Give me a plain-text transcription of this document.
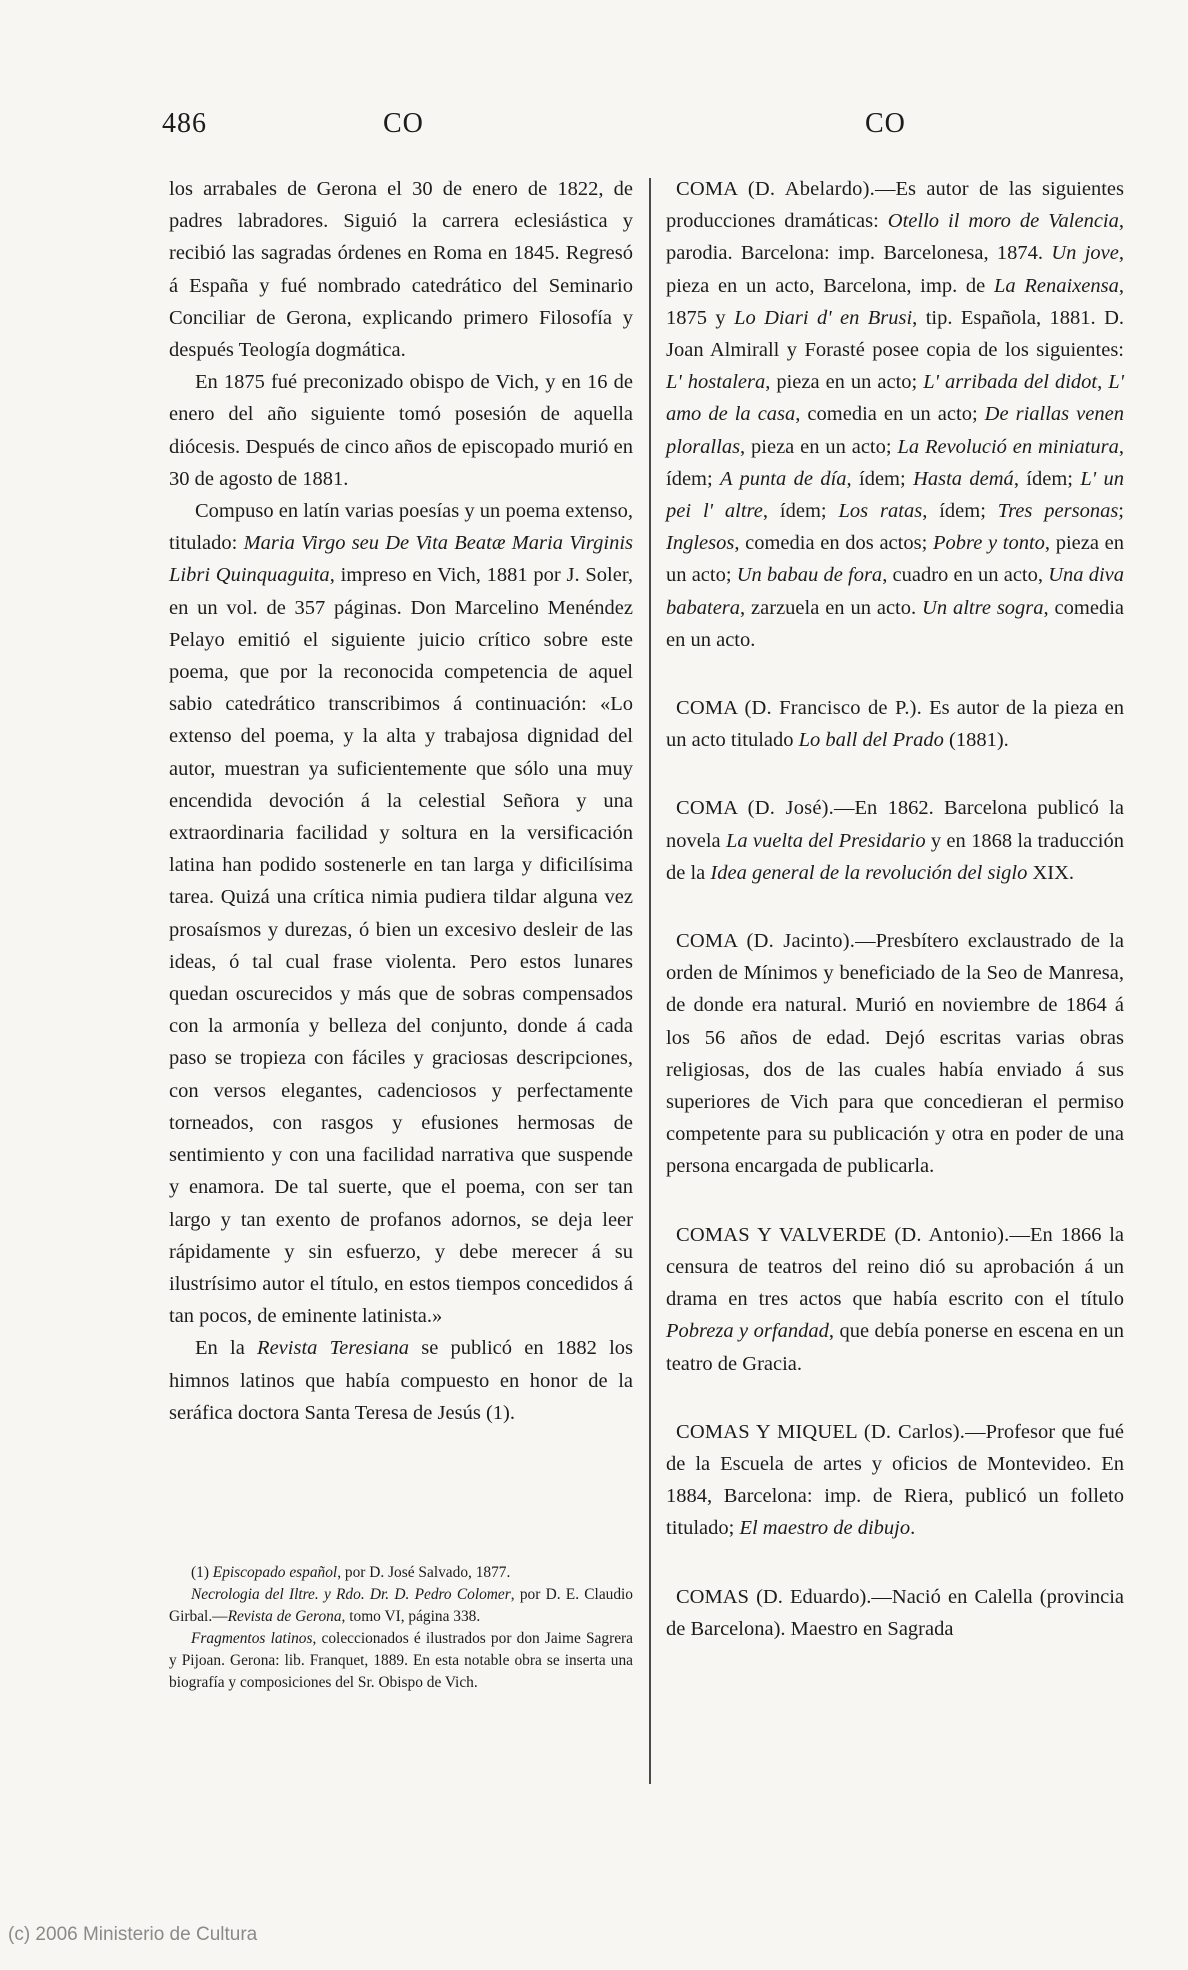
486	CO	CO

los arrabales de Gerona el 30 de enero de 1822, de padres labradores. Siguió la carrera eclesiástica y recibió las sagradas órdenes en Roma en 1845. Regresó á España y fué nombrado catedrático del Seminario Conciliar de Gerona, explicando primero Filosofía y después Teología dogmática.

En 1875 fué preconizado obispo de Vich, y en 16 de enero del año siguiente tomó posesión de aquella diócesis. Después de cinco años de episcopado murió en 30 de agosto de 1881.

Compuso en latín varias poesías y un poema extenso, titulado: Maria Virgo seu De Vita Beatæ Maria Virginis Libri Quinquaguita, impreso en Vich, 1881 por J. Soler, en un vol. de 357 páginas. Don Marcelino Menéndez Pelayo emitió el siguiente juicio crítico sobre este poema, que por la reconocida competencia de aquel sabio catedrático transcribimos á continuación: «Lo extenso del poema, y la alta y trabajosa dignidad del autor, muestran ya suficientemente que sólo una muy encendida devoción á la celestial Señora y una extraordinaria facilidad y soltura en la versificación latina han podido sostenerle en tan larga y dificilísima tarea. Quizá una crítica nimia pudiera tildar alguna vez prosaísmos y durezas, ó bien un excesivo desleir de las ideas, ó tal cual frase violenta. Pero estos lunares quedan oscurecidos y más que de sobras compensados con la armonía y belleza del conjunto, donde á cada paso se tropieza con fáciles y graciosas descripciones, con versos elegantes, cadenciosos y perfectamente torneados, con rasgos y efusiones hermosas de sentimiento y con una facilidad narrativa que suspende y enamora. De tal suerte, que el poema, con ser tan largo y tan exento de profanos adornos, se deja leer rápidamente y sin esfuerzo, y debe merecer á su ilustrísimo autor el título, en estos tiempos concedidos á tan pocos, de eminente latinista.»

En la Revista Teresiana se publicó en 1882 los himnos latinos que había compuesto en honor de la seráfica doctora Santa Teresa de Jesús (1).

(1) Episcopado español, por D. José Salvado, 1877.

Necrologia del Iltre. y Rdo. Dr. D. Pedro Colomer, por D. E. Claudio Girbal.—Revista de Gerona, tomo VI, página 338.

Fragmentos latinos, coleccionados é ilustrados por don Jaime Sagrera y Pijoan. Gerona: lib. Franquet, 1889. En esta notable obra se inserta una biografía y composiciones del Sr. Obispo de Vich.

COMA (D. Abelardo).—Es autor de las siguientes producciones dramáticas: Otello il moro de Valencia, parodia. Barcelona: imp. Barcelonesa, 1874. Un jove, pieza en un acto, Barcelona, imp. de La Renaixensa, 1875 y Lo Diari d' en Brusi, tip. Española, 1881. D. Joan Almirall y Forasté posee copia de los siguientes: L' hostalera, pieza en un acto; L' arribada del didot, L' amo de la casa, comedia en un acto; De riallas venen plorallas, pieza en un acto; La Revolució en miniatura, ídem; A punta de día, ídem; Hasta demá, ídem; L' un pei l' altre, ídem; Los ratas, ídem; Tres personas; Inglesos, comedia en dos actos; Pobre y tonto, pieza en un acto; Un babau de fora, cuadro en un acto, Una diva babatera, zarzuela en un acto. Un altre sogra, comedia en un acto.

COMA (D. Francisco de P.). Es autor de la pieza en un acto titulado Lo ball del Prado (1881).

COMA (D. José).—En 1862. Barcelona publicó la novela La vuelta del Presidario y en 1868 la traducción de la Idea general de la revolución del siglo XIX.

COMA (D. Jacinto).—Presbítero exclaustrado de la orden de Mínimos y beneficiado de la Seo de Manresa, de donde era natural. Murió en noviembre de 1864 á los 56 años de edad. Dejó escritas varias obras religiosas, dos de las cuales había enviado á sus superiores de Vich para que concedieran el permiso competente para su publicación y otra en poder de una persona encargada de publicarla.

COMAS Y VALVERDE (D. Antonio).—En 1866 la censura de teatros del reino dió su aprobación á un drama en tres actos que había escrito con el título Pobreza y orfandad, que debía ponerse en escena en un teatro de Gracia.

COMAS Y MIQUEL (D. Carlos).—Profesor que fué de la Escuela de artes y oficios de Montevideo. En 1884, Barcelona: imp. de Riera, publicó un folleto titulado; El maestro de dibujo.

COMAS (D. Eduardo).—Nació en Calella (provincia de Barcelona). Maestro en Sagrada

(c) 2006 Ministerio de Cultura
